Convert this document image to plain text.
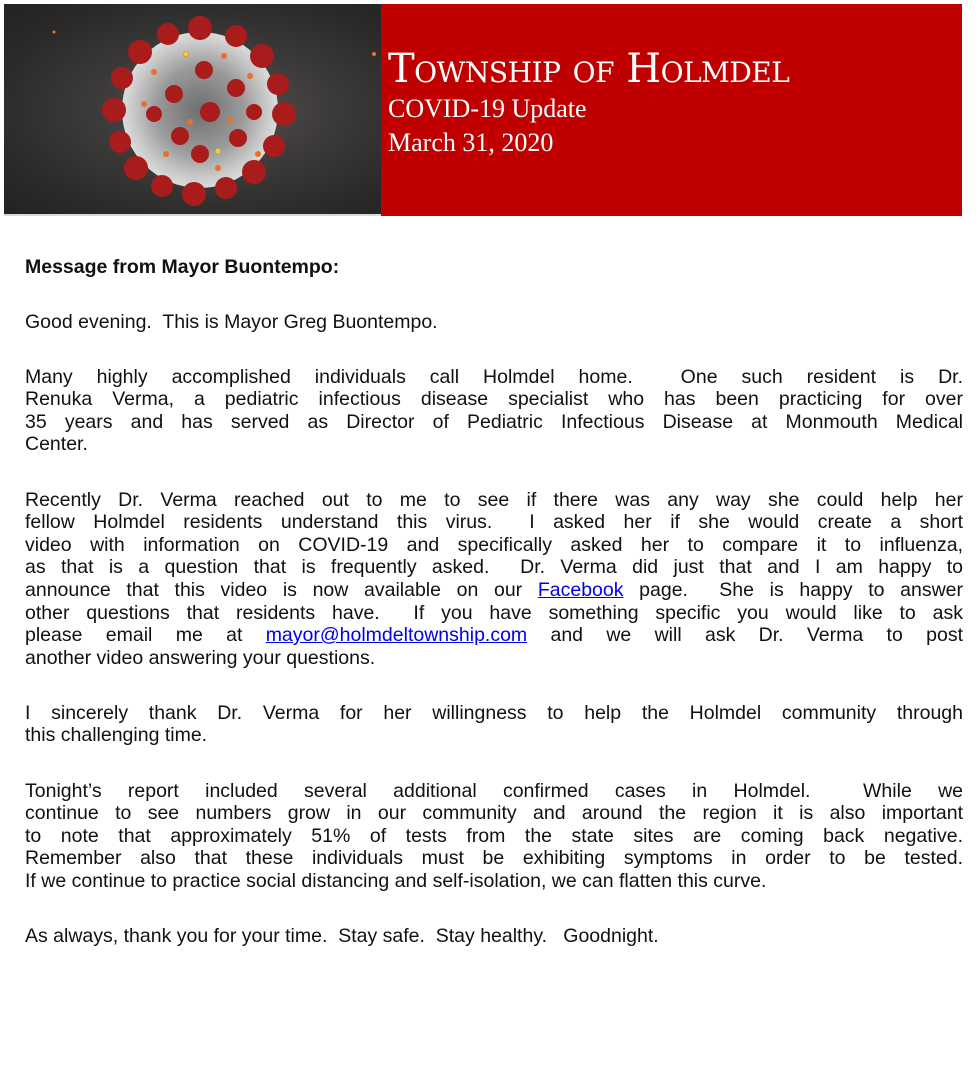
Township of Holmdel
COVID-19 Update
March 31, 2020
Message from Mayor Buontempo:
Good evening.  This is Mayor Greg Buontempo.
Many highly accomplished individuals call Holmdel home.  One such resident is Dr.
Renuka Verma, a pediatric infectious disease specialist who has been practicing for over
35 years and has served as Director of Pediatric Infectious Disease at Monmouth Medical
Center.
Recently Dr. Verma reached out to me to see if there was any way she could help her
fellow Holmdel residents understand this virus.  I asked her if she would create a short
video with information on COVID-19 and specifically asked her to compare it to influenza,
as that is a question that is frequently asked.  Dr. Verma did just that and I am happy to
announce that this video is now available on our Facebook page.  She is happy to answer
other questions that residents have.  If you have something specific you would like to ask
please email me at mayor@holmdeltownship.com and we will ask Dr. Verma to post
another video answering your questions.
I sincerely thank Dr. Verma for her willingness to help the Holmdel community through
this challenging time.
Tonight’s report included several additional confirmed cases in Holmdel.  While we
continue to see numbers grow in our community and around the region it is also important
to note that approximately 51% of tests from the state sites are coming back negative.
Remember also that these individuals must be exhibiting symptoms in order to be tested.
If we continue to practice social distancing and self-isolation, we can flatten this curve.
As always, thank you for your time.  Stay safe.  Stay healthy.   Goodnight.
